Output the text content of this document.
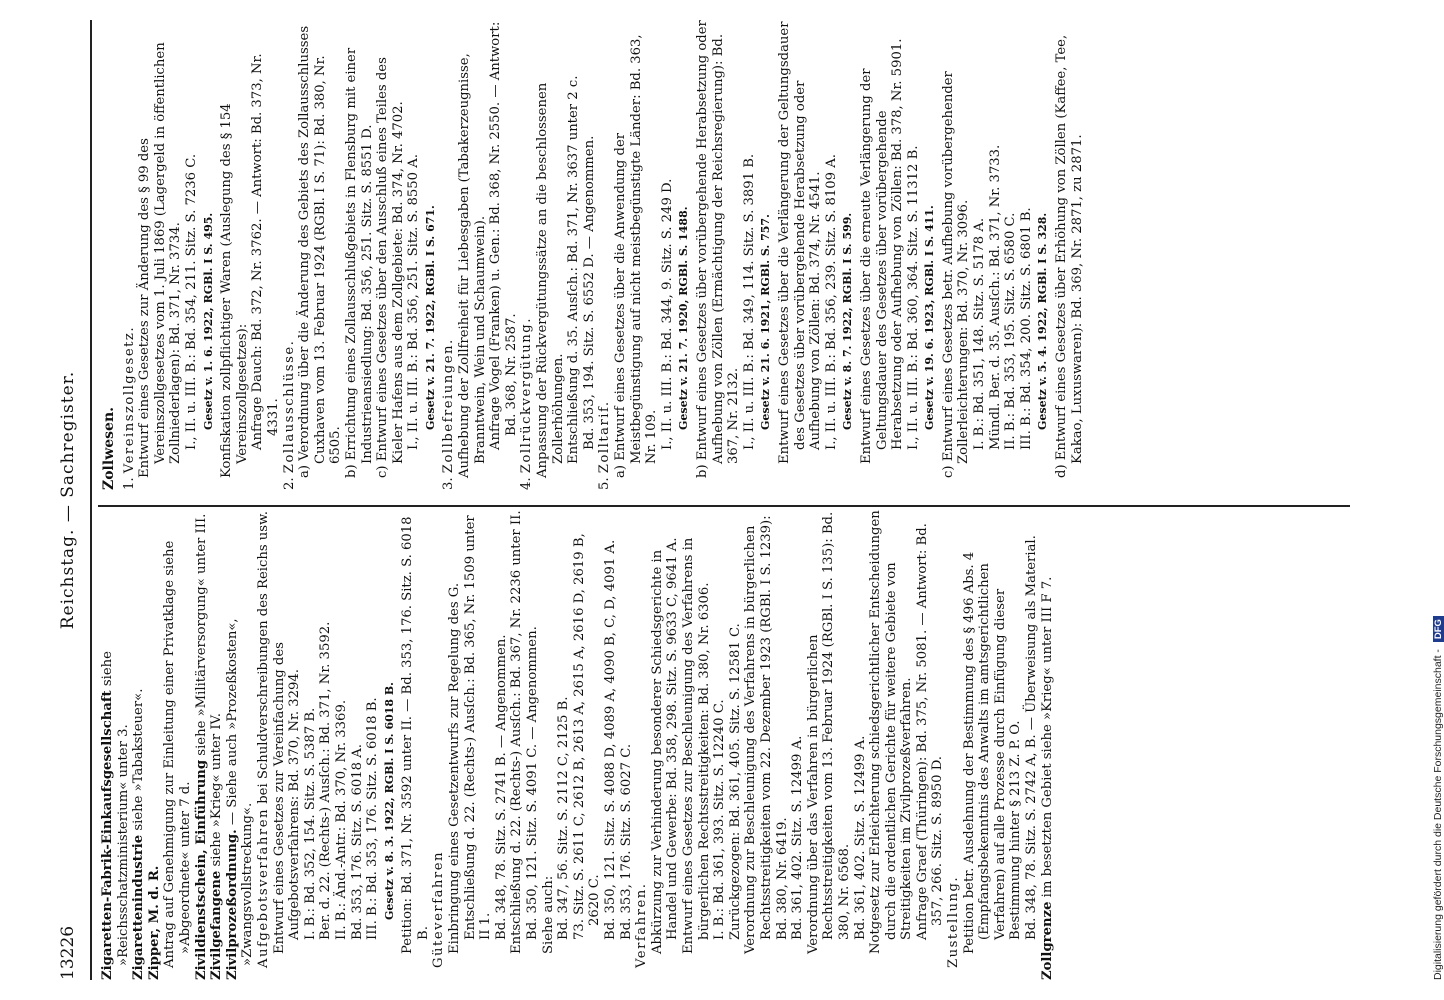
13226
Reichstag. — Sachregister.

Zigaretten-Fabrik-Einkaufsgesellschaft siehe »Reichsschatzministerium« unter 3. Zigarettenindustrie siehe »Tabaksteuer«.

Zipper, M. d. R. Antrag auf Genehmigung zur Einleitung einer Privatklage siehe »Abgeordnete« unter 7 d. Zivildienstschein, Einführung siehe »Militärversorgung« unter III.

Zivilgefangene siehe »Krieg« unter IV.

Zivilprozeßordnung. — Siehe auch »Prozeßkosten«, »Zwangsvollstreckung«. Aufgebotsverfahren bei Schuldverschreibungen des Reichs usw. Entwurf eines Gesetzes zur Vereinfachung des Aufgebotsverfahrens: Bd. 370, Nr. 3294. I. B.: Bd. 352, 154. Sitz. S. 5387 B. Ber. d. 22. (Rechts-) Ausſch.: Bd. 371, Nr. 3592. II. B.: Änd.-Antr.: Bd. 370, Nr. 3369. Bd. 353, 176. Sitz. S. 6018 A. III. B.: Bd. 353, 176. Sitz. S. 6018 B. Gesetz v. 8. 3. 1922, RGBl. I S. 6018 B. Petition: Bd. 371, Nr. 3592 unter II. — Bd. 353, 176. Sitz. S. 6018 B. Güteverfahren Einbringung eines Gesetzentwurfs zur Regelung des G. Entschließung d. 22. (Rechts-) Ausſch.: Bd. 365, Nr. 1509 unter II 1. Bd. 348, 78. Sitz. S. 2741 B. — Angenommen. Entschließung d. 22. (Rechts-) Ausſch.: Bd. 367, Nr. 2236 unter II. Bd. 350, 121. Sitz. S. 4091 C. — Angenommen. Siehe auch: Bd. 347, 56. Sitz. S. 2112 C, 2125 B. 73. Sitz. S. 2611 C, 2612 B, 2613 A, 2615 A, 2616 D, 2619 B, 2620 C. Bd. 350, 121. Sitz. S. 4088 D, 4089 A, 4090 B, C, D, 4091 A. Bd. 353, 176. Sitz. S. 6027 C. Verfahren. Abkürzung zur Verhinderung besonderer Schiedsgerichte in Handel und Gewerbe: Bd. 358, 298. Sitz. S. 9633 C, 9641 A. Entwurf eines Gesetzes zur Beschleunigung des Verfahrens in bürgerlichen Rechtsstreitigkeiten: Bd. 380, Nr. 6306. I. B.: Bd. 361, 393. Sitz. S. 12240 C. Zurückgezogen: Bd. 361, 405. Sitz. S. 12581 C. Verordnung zur Beschleunigung des Verfahrens in bürgerlichen Rechtsstreitigkeiten vom 22. Dezember 1923 (RGBl. I S. 1239): Bd. 380, Nr. 6419. Bd. 361, 402. Sitz. S. 12499 A. Verordnung über das Verfahren in bürgerlichen Rechtsstreitigkeiten vom 13. Februar 1924 (RGBl. I S. 135): Bd. 380, Nr. 6568. Bd. 361, 402. Sitz. S. 12499 A. Notgesetz zur Erleichterung schiedsgerichtlicher Entscheidungen durch die ordentlichen Gerichte für weitere Gebiete von Streitigkeiten im Zivilprozeßverfahren. Anfrage Graef (Thüringen): Bd. 375, Nr. 5081. — Antwort: Bd. 357, 266. Sitz. S. 8950 D. Zustellung. Petition betr. Ausdehnung der Bestimmung des § 496 Abs. 4 (Empfangsbekenntnis des Anwalts im amtsgerichtlichen Verfahren) auf alle Prozesse durch Einfügung dieser Bestimmung hinter § 213 Z. P. O. Bd. 348, 78. Sitz. S. 2742 A, B. — Überweisung als Material.

Zollgrenze im besetzten Gebiet siehe »Krieg« unter III F 7.

Zollwesen. 1. Vereinszollgesetz. Entwurf eines Gesetzes zur Änderung des § 99 des Vereinszollgesetzes vom 1. Juli 1869 (Lagergeld in öffentlichen Zollniederlagen): Bd. 371, Nr. 3734. I., II. u. III. B.: Bd. 354, 211. Sitz. S. 7236 C. Gesetz v. 1. 6. 1922, RGBl. I S. 495. Konfiskation zollpflichtiger Waren (Auslegung des § 154 Vereinszollgesetzes): Anfrage Dauch: Bd. 372, Nr. 3762. — Antwort: Bd. 373, Nr. 4331.

2. Zollausschlüsse. a) Verordnung über die Änderung des Gebiets des Zollausschlusses Cuxhaven vom 13. Februar 1924 (RGBl. I S. 71): Bd. 380, Nr. 6505. b) Errichtung eines Zollausschlußgebiets in Flensburg mit einer Industrieansiedlung: Bd. 356, 251. Sitz. S. 8551 D. c) Entwurf eines Gesetzes über den Ausschluß eines Teiles des Kieler Hafens aus dem Zollgebiete: Bd. 374, Nr. 4702. I., II. u. III. B.: Bd. 356, 251. Sitz. S. 8550 A. Gesetz v. 21. 7. 1922, RGBl. I S. 671.

3. Zollbefreiungen. Aufhebung der Zollfreiheit für Liebesgaben (Tabakerzeugnisse, Branntwein, Wein und Schaumwein). Anfrage Vogel (Franken) u. Gen.: Bd. 368, Nr. 2550. — Antwort: Bd. 368, Nr. 2587.

4. Zollrückvergütung. Anpassung der Rückvergütungssätze an die beschlossenen Zollerhöhungen. Entschließung d. 35. Ausſch.: Bd. 371, Nr. 3637 unter 2 c. Bd. 353, 194. Sitz. S. 6552 D. — Angenommen.

5. Zolltarif. a) Entwurf eines Gesetzes über die Anwendung der Meistbegünstigung auf nicht meistbegünstigte Länder: Bd. 363, Nr. 109. I., II. u. III. B.: Bd. 344, 9. Sitz. S. 249 D. Gesetz v. 21. 7. 1920, RGBl. S. 1488. b) Entwurf eines Gesetzes über vorübergehende Herabsetzung oder Aufhebung von Zöllen (Ermächtigung der Reichsregierung): Bd. 367, Nr. 2132. I., II. u. III. B.: Bd. 349, 114. Sitz. S. 3891 B. Gesetz v. 21. 6. 1921, RGBl. S. 757. Entwurf eines Gesetzes über die Verlängerung der Geltungsdauer des Gesetzes über vorübergehende Herabsetzung oder Aufhebung von Zöllen: Bd. 374, Nr. 4541. I., II. u. III. B.: Bd. 356, 239. Sitz. S. 8109 A. Gesetz v. 8. 7. 1922, RGBl. I S. 599. Entwurf eines Gesetzes über die erneute Verlängerung der Geltungsdauer des Gesetzes über vorübergehende Herabsetzung oder Aufhebung von Zöllen: Bd. 378, Nr. 5901. I., II. u. III. B.: Bd. 360, 364. Sitz. S. 11312 B. Gesetz v. 19. 6. 1923, RGBl. I S. 411. c) Entwurf eines Gesetzes betr. Aufhebung vorübergehender Zollerleichterungen: Bd. 370, Nr. 3096. I. B.: Bd. 351, 148. Sitz. S. 5178 A. Mündl. Ber. d. 35. Ausſch.: Bd. 371, Nr. 3733. II. B.: Bd. 353, 195. Sitz. S. 6580 C. III. B.: Bd. 354, 200. Sitz. S. 6801 B. Gesetz v. 5. 4. 1922, RGBl. I S. 328. d) Entwurf eines Gesetzes über Erhöhung von Zöllen (Kaffee, Tee, Kakao, Luxuswaren): Bd. 369, Nr. 2871, zu 2871.

Digitalisierung gefördert durch die Deutsche Forschungsgemeinschaft - DFG
